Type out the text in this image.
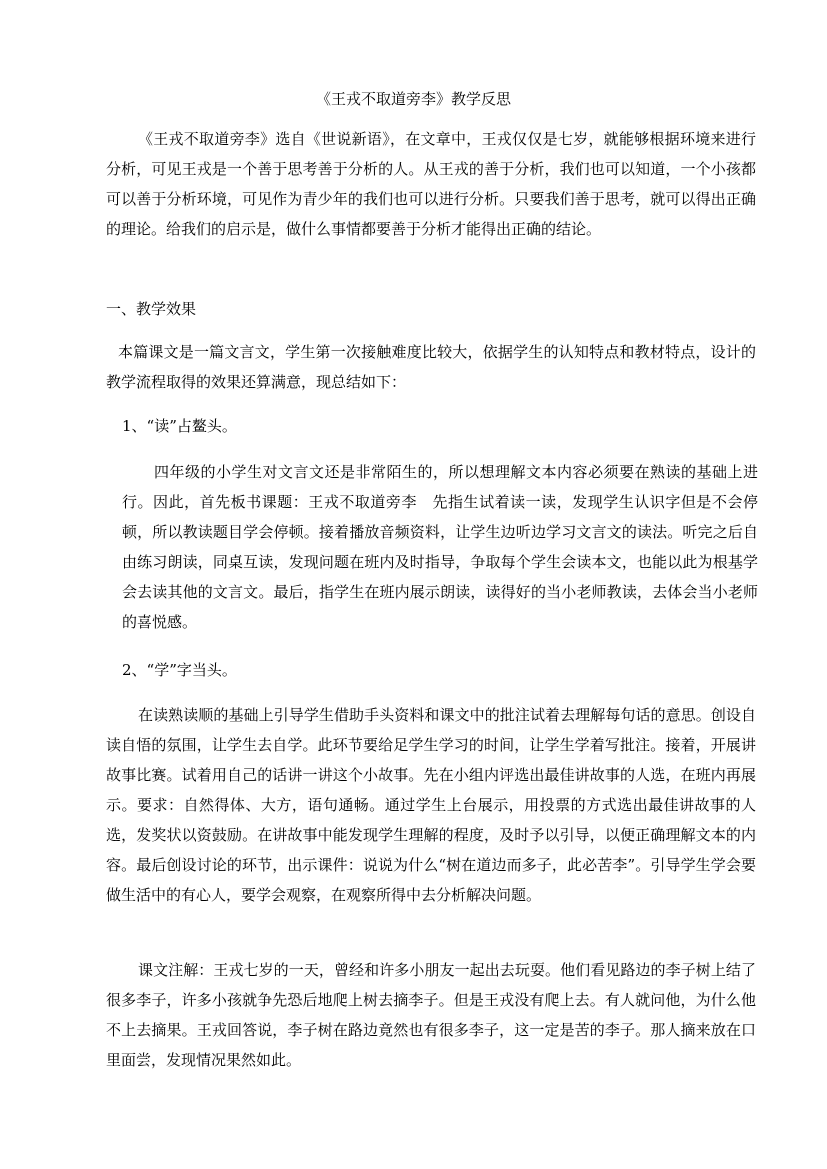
《王戎不取道旁李》教学反思

《王戎不取道旁李》选自《世说新语》，在文章中，王戎仅仅是七岁，就能够根据环境来进行分析，可见王戎是一个善于思考善于分析的人。从王戎的善于分析，我们也可以知道，一个小孩都可以善于分析环境，可见作为青少年的我们也可以进行分析。只要我们善于思考，就可以得出正确的理论。给我们的启示是，做什么事情都要善于分析才能得出正确的结论。

一、教学效果

本篇课文是一篇文言文，学生第一次接触难度比较大，依据学生的认知特点和教材特点，设计的教学流程取得的效果还算满意，现总结如下：

1、“读”占鳌头。

四年级的小学生对文言文还是非常陌生的，所以想理解文本内容必须要在熟读的基础上进行。因此，首先板书课题：王戎不取道旁李　先指生试着读一读，发现学生认识字但是不会停顿，所以教读题目学会停顿。接着播放音频资料，让学生边听边学习文言文的读法。听完之后自由练习朗读，同桌互读，发现问题在班内及时指导，争取每个学生会读本文，也能以此为根基学会去读其他的文言文。最后，指学生在班内展示朗读，读得好的当小老师教读，去体会当小老师的喜悦感。

2、“学”字当头。

在读熟读顺的基础上引导学生借助手头资料和课文中的批注试着去理解每句话的意思。创设自读自悟的氛围，让学生去自学。此环节要给足学生学习的时间，让学生学着写批注。接着，开展讲故事比赛。试着用自己的话讲一讲这个小故事。先在小组内评选出最佳讲故事的人选，在班内再展示。要求：自然得体、大方，语句通畅。通过学生上台展示，用投票的方式选出最佳讲故事的人选，发奖状以资鼓励。在讲故事中能发现学生理解的程度，及时予以引导，以便正确理解文本的内容。最后创设讨论的环节，出示课件：说说为什么“树在道边而多子，此必苦李”。引导学生学会要做生活中的有心人，要学会观察，在观察所得中去分析解决问题。

课文注解：王戎七岁的一天，曾经和许多小朋友一起出去玩耍。他们看见路边的李子树上结了很多李子，许多小孩就争先恐后地爬上树去摘李子。但是王戎没有爬上去。有人就问他，为什么他不上去摘果。王戎回答说，李子树在路边竟然也有很多李子，这一定是苦的李子。那人摘来放在口里面尝，发现情况果然如此。
